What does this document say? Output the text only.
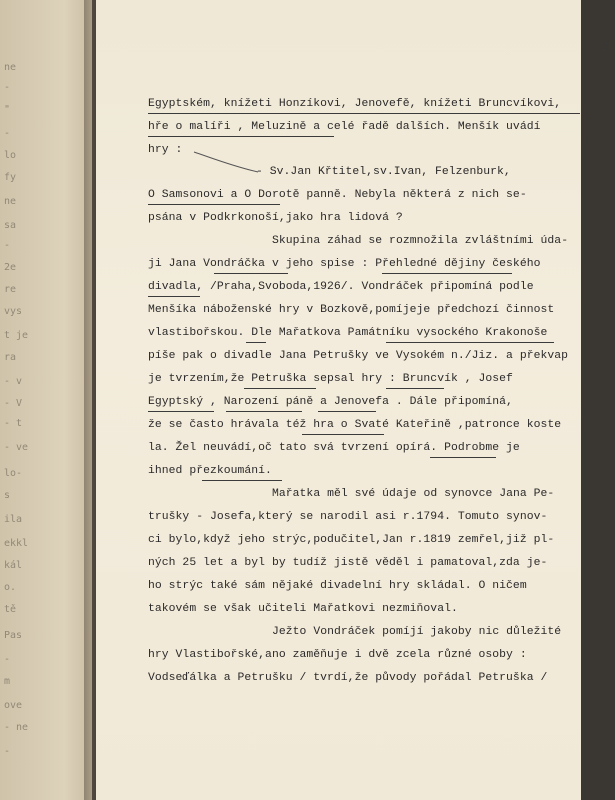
ne
-
"
-
lo
fy
ne
sa
-
2e
re
vys
t je
ra
- v
- V
- t
- ve
lo-
s
ila
ekkl
kál
o.
tě
Pas
-
m
ove
- ne
-
20
Egyptském, knížeti Honzíkovi, Jenovefě, knížeti Bruncvíkovi,
hře o malíři , Meluzině a celé řadě dalších. Menšík uvádí
hry :
- Sv.Jan Křtitel,sv.Ivan, Felzenburk,
O Samsonovi a O Dorotě panně. Nebyla některá z nich se-
psána v Podkrkonoší,jako hra lidová ?
Skupina záhad se rozmnožila zvláštními úda-
ji Jana Vondráčka v jeho spise : Přehledné dějiny českého
divadla, /Praha,Svoboda,1926/. Vondráček připomíná podle
Menšíka náboženské hry v Bozkově,pomíjeje předchozí činnost
vlastibořskou. Dle Mařatkova Památníku vysockého Krakonoše
píše pak o divadle Jana Petrušky ve Vysokém n./Jiz. a překvap
je tvrzením,že Petruška sepsal hry : Bruncvík , Josef
Egyptský , Narození páně a Jenovefa . Dále připomíná,
že se často hrávala též hra o Svaté Kateřině ,patronce koste
la. Žel neuvádí,oč tato svá tvrzení opírá. Podrobme je
ihned přezkoumání.
Mařatka měl své údaje od synovce Jana Pe-
trušky - Josefa,který se narodil asi r.1794. Tomuto synov-
ci bylo,když jeho strýc,podučitel,Jan r.1819 zemřel,již pl-
ných 25 let a byl by tudíž jistě věděl i pamatoval,zda je-
ho strýc také sám nějaké divadelní hry skládal. O ničem
takovém se však učiteli Mařatkovi nezmiňoval.
Ježto Vondráček pomíjí jakoby nic důležité
hry Vlastibořské,ano zaměňuje i dvě zcela různé osoby :
Vodseďálka a Petrušku / tvrdí,že původy pořádal Petruška /
